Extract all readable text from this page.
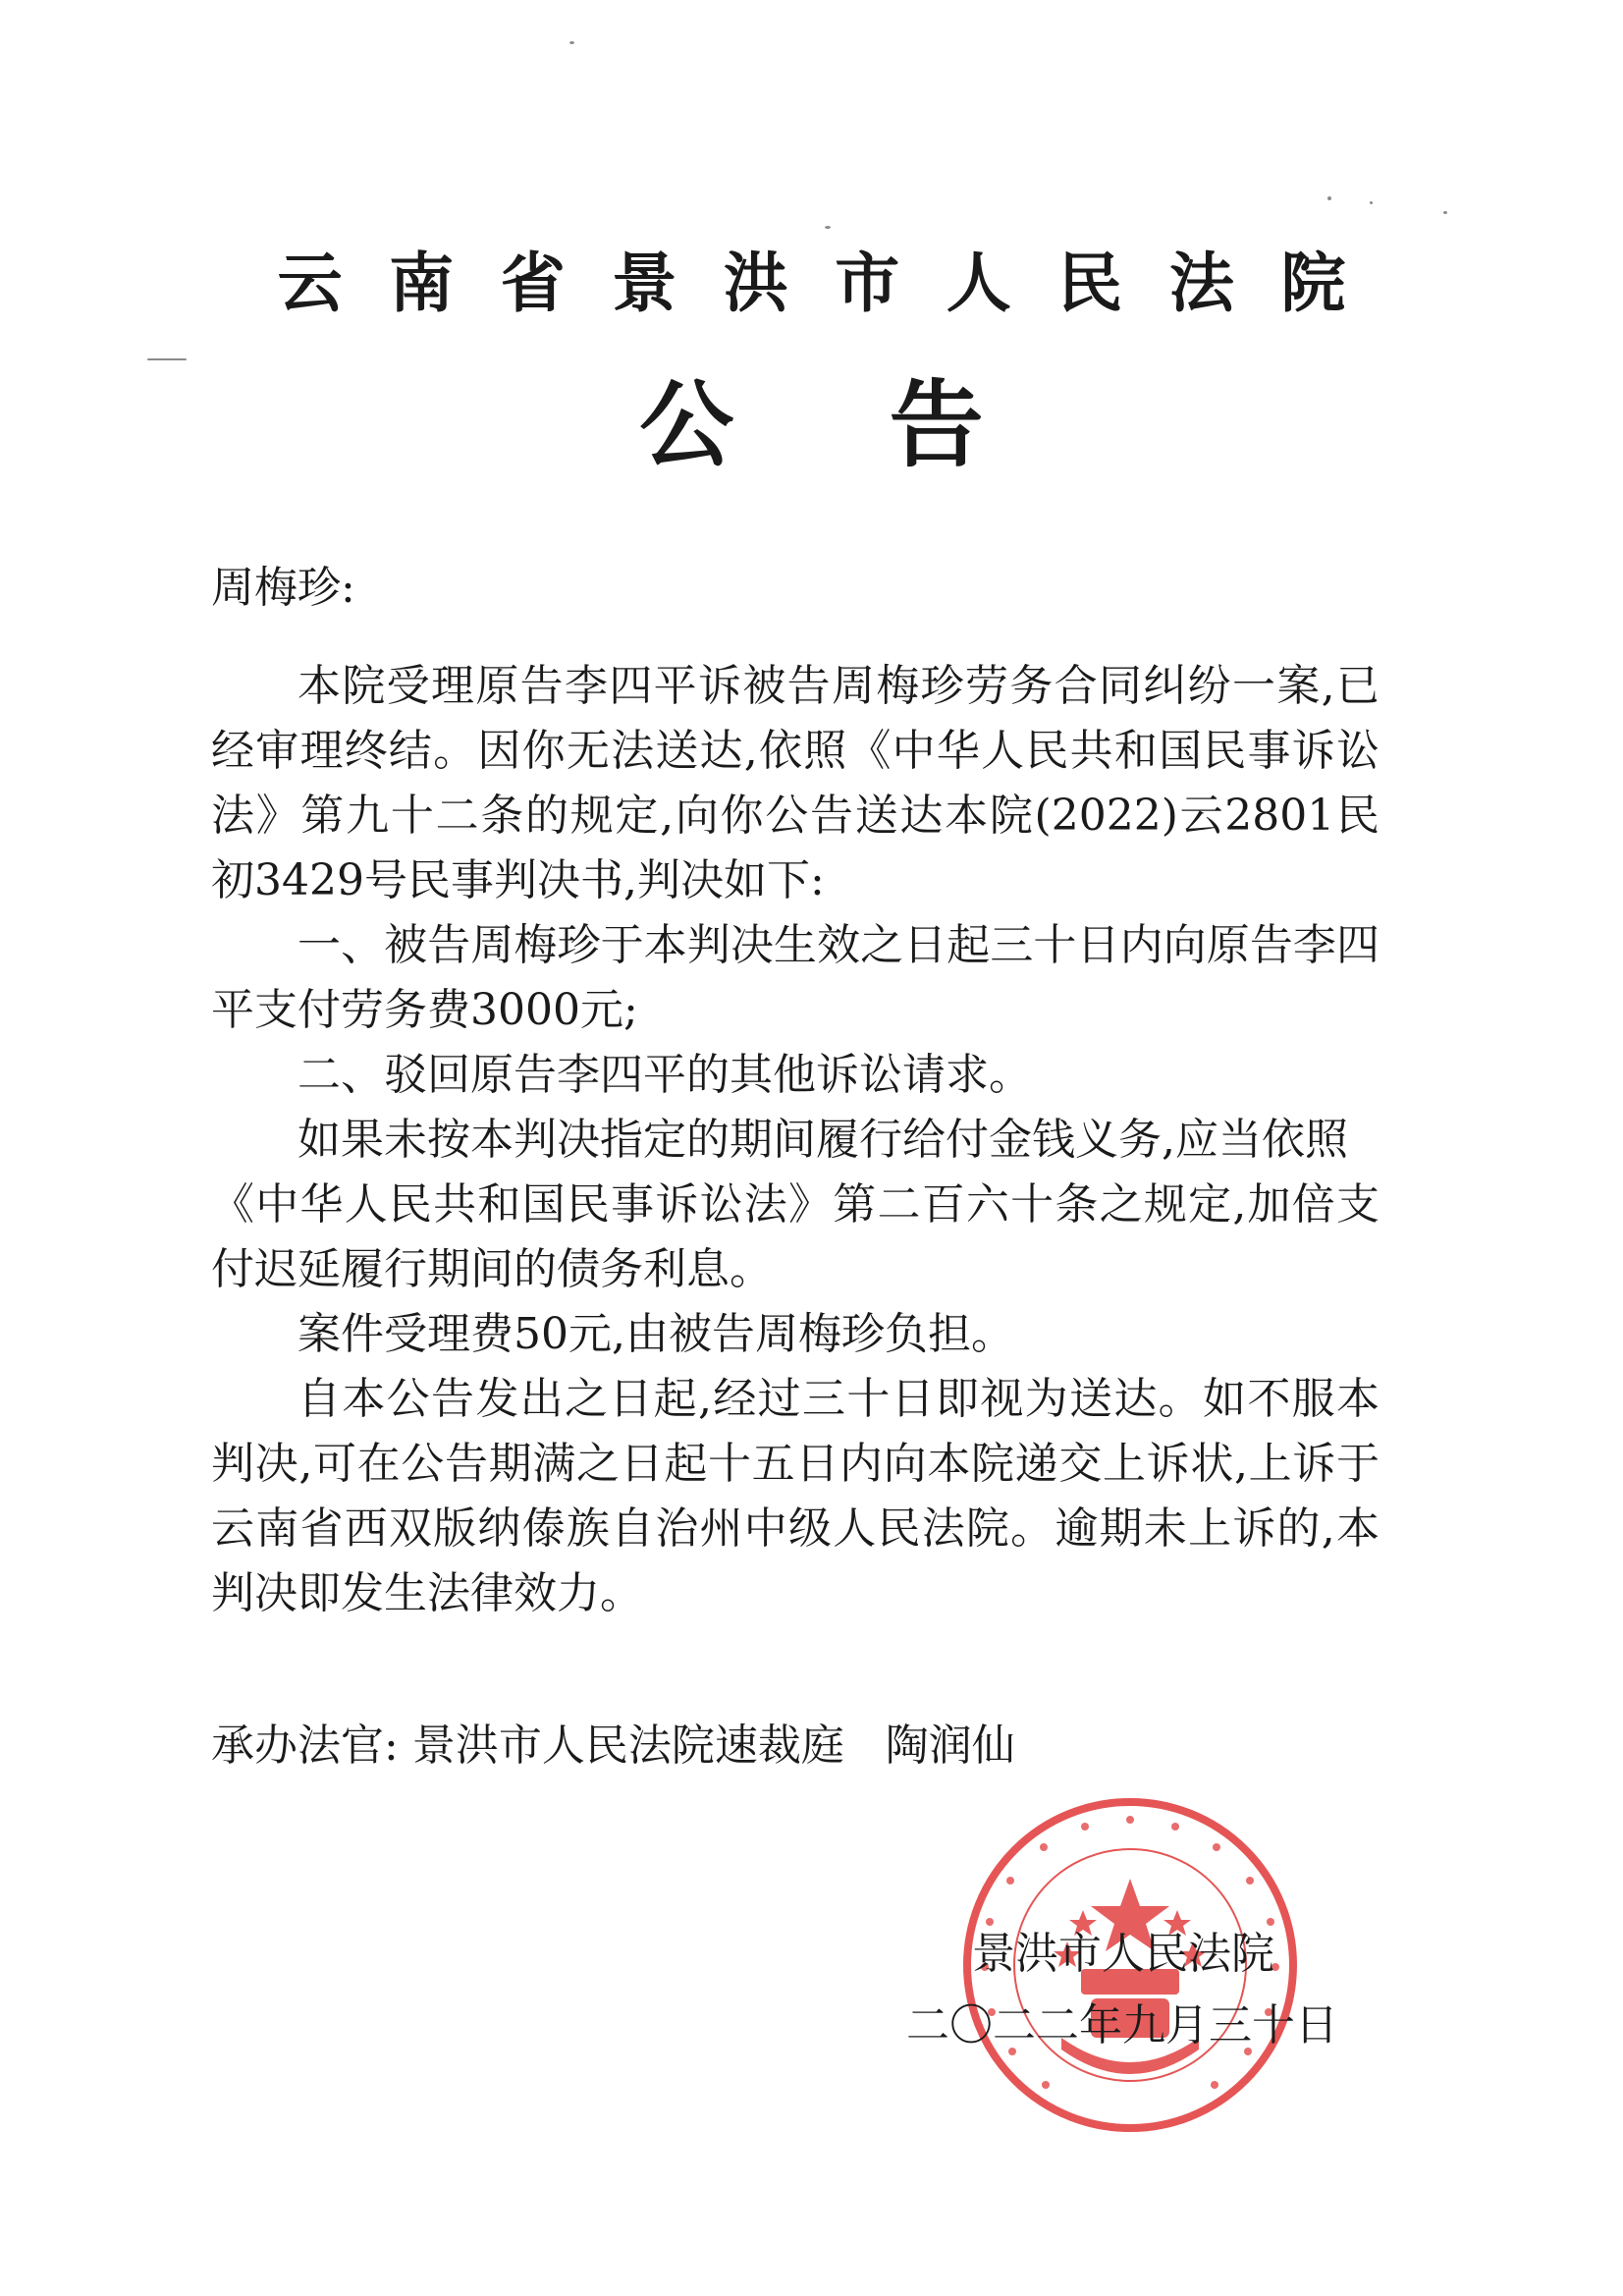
云南省景洪市人民法院
公告

周梅珍:

本院受理原告李四平诉被告周梅珍劳务合同纠纷一案,已经审理终结。因你无法送达,依照《中华人民共和国民事诉讼法》第九十二条的规定,向你公告送达本院(2022)云2801民初3429号民事判决书,判决如下:

一、被告周梅珍于本判决生效之日起三十日内向原告李四平支付劳务费3000元;

二、驳回原告李四平的其他诉讼请求。

如果未按本判决指定的期间履行给付金钱义务,应当依照

《中华人民共和国民事诉讼法》第二百六十条之规定,加倍支付迟延履行期间的债务利息。

案件受理费50元,由被告周梅珍负担。

自本公告发出之日起,经过三十日即视为送达。如不服本判决,可在公告期满之日起十五日内向本院递交上诉状,上诉于云南省西双版纳傣族自治州中级人民法院。逾期未上诉的,本判决即发生法律效力。

承办法官: 景洪市人民法院速裁庭 陶润仙
景洪市人民法院
二〇二二年九月三十日
